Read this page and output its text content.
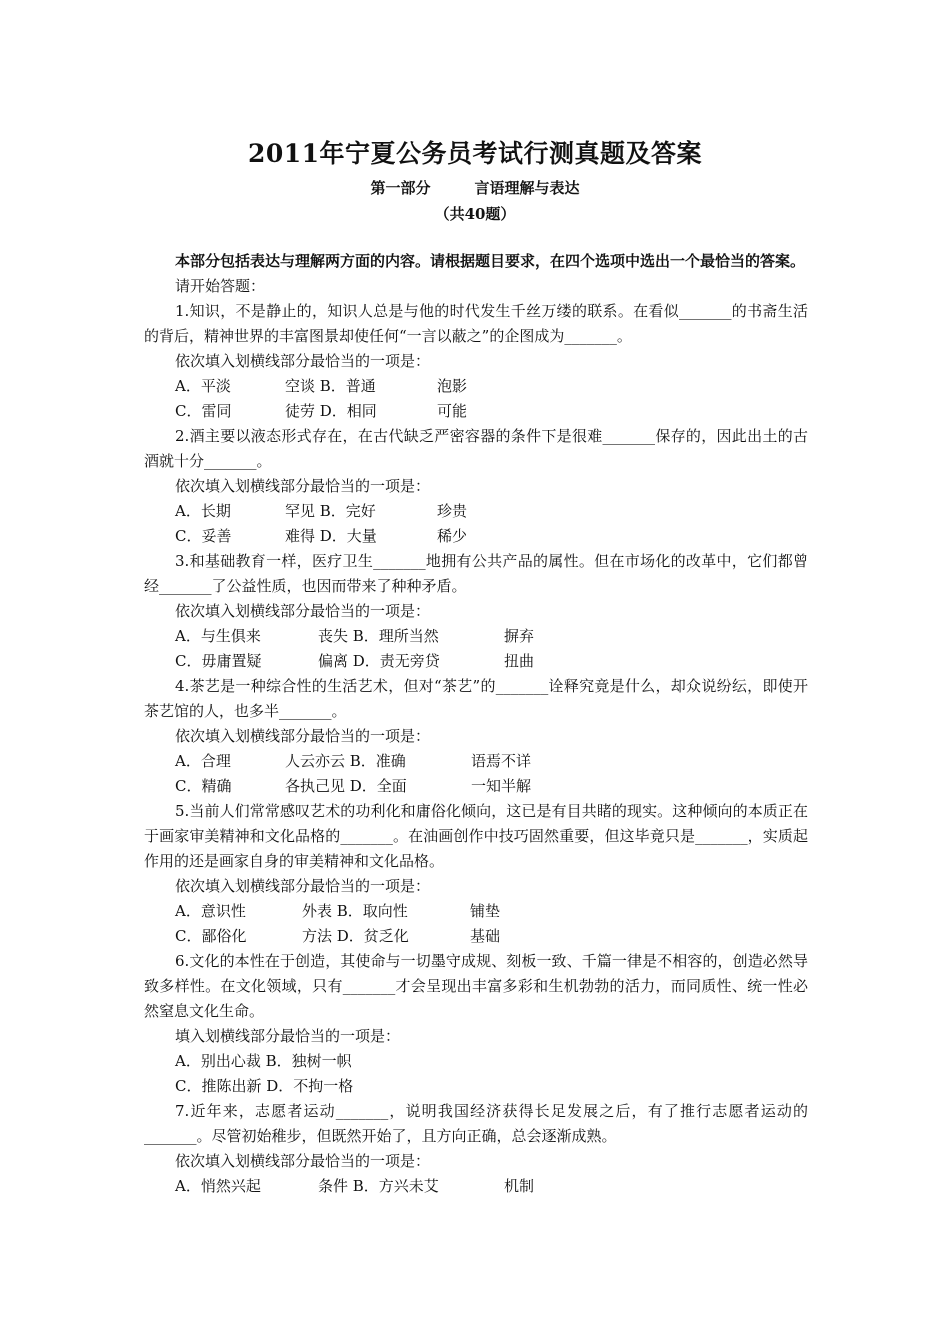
2011年宁夏公务员考试行测真题及答案
第一部分	言语理解与表达
（共40题）

本部分包括表达与理解两方面的内容。请根据题目要求，在四个选项中选出一个最恰当的答案。

请开始答题：

1.知识，不是静止的，知识人总是与他的时代发生千丝万缕的联系。在看似_______的书斋生活的背后，精神世界的丰富图景却使任何“一言以蔽之”的企图成为_______。

依次填入划横线部分最恰当的一项是：

A．平淡	空谈 B．普通	泡影
C．雷同	徒劳 D．相同	可能

2.酒主要以液态形式存在，在古代缺乏严密容器的条件下是很难_______保存的，因此出土的古酒就十分_______。

依次填入划横线部分最恰当的一项是：

A．长期	罕见 B．完好	珍贵
C．妥善	难得 D．大量	稀少

3.和基础教育一样，医疗卫生_______地拥有公共产品的属性。但在市场化的改革中，它们都曾经_______了公益性质，也因而带来了种种矛盾。

依次填入划横线部分最恰当的一项是：

A．与生俱来	丧失 B．理所当然	摒弃
C．毋庸置疑	偏离 D．责无旁贷	扭曲

4.茶艺是一种综合性的生活艺术，但对“茶艺”的_______诠释究竟是什么，却众说纷纭，即使开茶艺馆的人，也多半_______。

依次填入划横线部分最恰当的一项是：

A．合理	人云亦云 B．准确	语焉不详
C．精确	各执己见 D．全面	一知半解

5.当前人们常常感叹艺术的功利化和庸俗化倾向，这已是有目共睹的现实。这种倾向的本质正在于画家审美精神和文化品格的_______。在油画创作中技巧固然重要，但这毕竟只是_______，实质起作用的还是画家自身的审美精神和文化品格。

依次填入划横线部分最恰当的一项是：

A．意识性	外表 B．取向性	铺垫
C．鄙俗化	方法 D．贫乏化	基础

6.文化的本性在于创造，其使命与一切墨守成规、刻板一致、千篇一律是不相容的，创造必然导致多样性。在文化领域，只有_______才会呈现出丰富多彩和生机勃勃的活力，而同质性、统一性必然窒息文化生命。

填入划横线部分最恰当的一项是：

A．别出心裁 B．独树一帜
C．推陈出新 D．不拘一格

7.近年来，志愿者运动_______，说明我国经济获得长足发展之后，有了推行志愿者运动的_______。尽管初始稚步，但既然开始了，且方向正确，总会逐渐成熟。

依次填入划横线部分最恰当的一项是：

A．悄然兴起	条件 B．方兴未艾	机制
